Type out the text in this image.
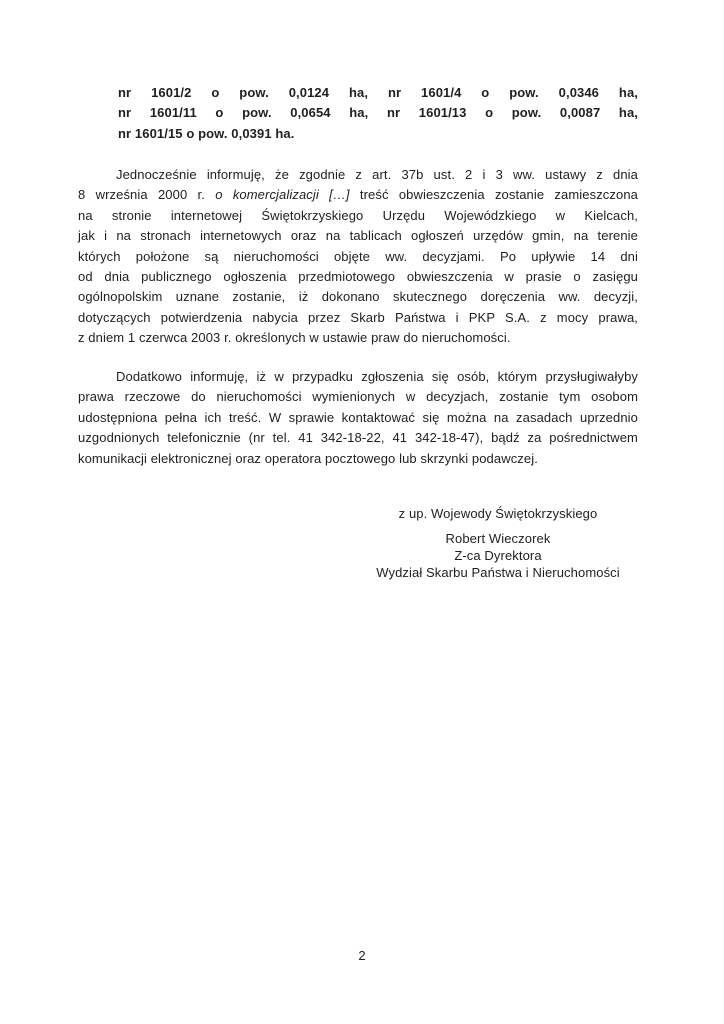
nr 1601/2 o pow. 0,0124 ha, nr 1601/4 o pow. 0,0346 ha,
nr 1601/11 o pow. 0,0654 ha, nr 1601/13 o pow. 0,0087 ha,
nr 1601/15 o pow. 0,0391 ha.
Jednocześnie informuję, że zgodnie z art. 37b ust. 2 i 3 ww. ustawy z dnia
8 września 2000 r. o komercjalizacji […] treść obwieszczenia zostanie zamieszczona
na stronie internetowej Świętokrzyskiego Urzędu Wojewódzkiego w Kielcach,
jak i na stronach internetowych oraz na tablicach ogłoszeń urzędów gmin, na terenie
których położone są nieruchomości objęte ww. decyzjami. Po upływie 14 dni
od dnia publicznego ogłoszenia przedmiotowego obwieszczenia w prasie o zasięgu
ogólnopolskim uznane zostanie, iż dokonano skutecznego doręczenia ww. decyzji,
dotyczących potwierdzenia nabycia przez Skarb Państwa i PKP S.A. z mocy prawa,
z dniem 1 czerwca 2003 r. określonych w ustawie praw do nieruchomości.
Dodatkowo informuję, iż w przypadku zgłoszenia się osób, którym przysługiwałyby
prawa rzeczowe do nieruchomości wymienionych w decyzjach, zostanie tym osobom
udostępniona pełna ich treść. W sprawie kontaktować się można na zasadach uprzednio
uzgodnionych telefonicznie (nr tel. 41 342-18-22, 41 342-18-47), bądź za pośrednictwem
komunikacji elektronicznej oraz operatora pocztowego lub skrzynki podawczej.
z up. Wojewody Świętokrzyskiego
Robert Wieczorek
Z-ca Dyrektora
Wydział Skarbu Państwa i Nieruchomości
2
